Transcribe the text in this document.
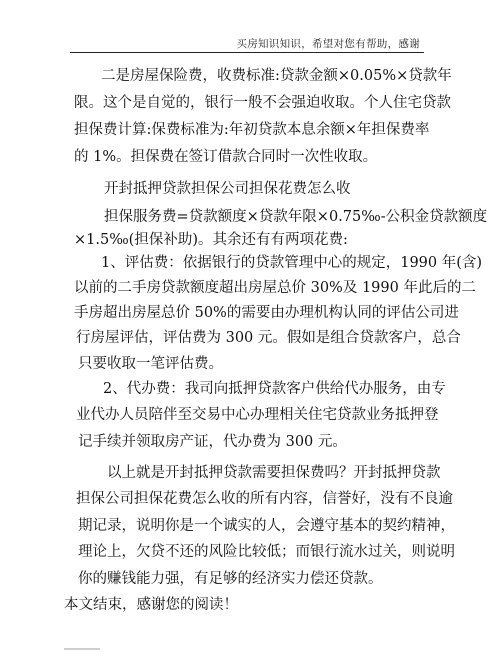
买房知识知识，希望对您有帮助，感谢
二是房屋保险费，收费标准:贷款金额×0.05%×贷款年
限。这个是自觉的，银行一般不会强迫收取。个人住宅贷款
担保费计算:保费标准为:年初贷款本息余额×年担保费率
的 1%。担保费在签订借款合同时一次性收取。
开封抵押贷款担保公司担保花费怎么收
担保服务费=贷款额度×贷款年限×0.75‰-公积金贷款额度
×1.5‰(担保补助)。其余还有有两项花费:
1、评估费：依据银行的贷款管理中心的规定，1990 年(含)
以前的二手房贷款额度超出房屋总价 30%及 1990 年此后的二
手房超出房屋总价 50%的需要由办理机构认同的评估公司进
行房屋评估，评估费为 300 元。假如是组合贷款客户，总合
只要收取一笔评估费。
2、代办费：我司向抵押贷款客户供给代办服务，由专
业代办人员陪伴至交易中心办理相关住宅贷款业务抵押登
记手续并领取房产证，代办费为 300 元。
以上就是开封抵押贷款需要担保费吗？开封抵押贷款
担保公司担保花费怎么收的所有内容，信誉好，没有不良逾
期记录，说明你是一个诚实的人，会遵守基本的契约精神，
理论上，欠贷不还的风险比较低；而银行流水过关，则说明
你的赚钱能力强，有足够的经济实力偿还贷款。
本文结束，感谢您的阅读！
